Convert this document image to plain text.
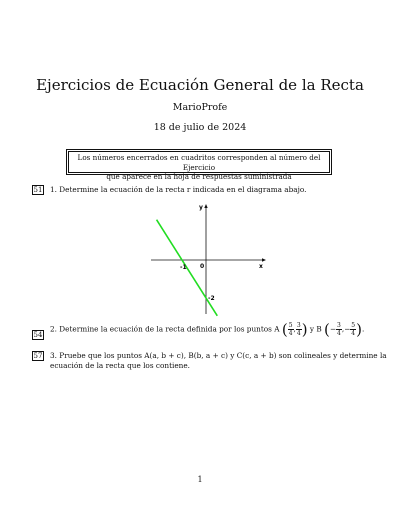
Ejercicios de Ecuación General de la Recta
MarioProfe
18 de julio de 2024
Los números encerrados en cuadritos corresponden al número del Ejercicio
que aparece en la hoja de respuestas suministrada
51 1. Determine la ecuación de la recta r indicada en el diagrama abajo.
x
y
0
-1
-2
54
2. Determine la ecuación de la recta definida por los puntos A ( $\frac{5}{4}$ , $\frac{3}{4}$ ) y B (− $\frac{3}{4}$ ,− $\frac{5}{4}$ ).
57 3. Pruebe que los puntos A(a, b + c), B(b, a + c) y C(c, a + b) son colineales y determine la
ecuación de la recta que los contiene.
1
